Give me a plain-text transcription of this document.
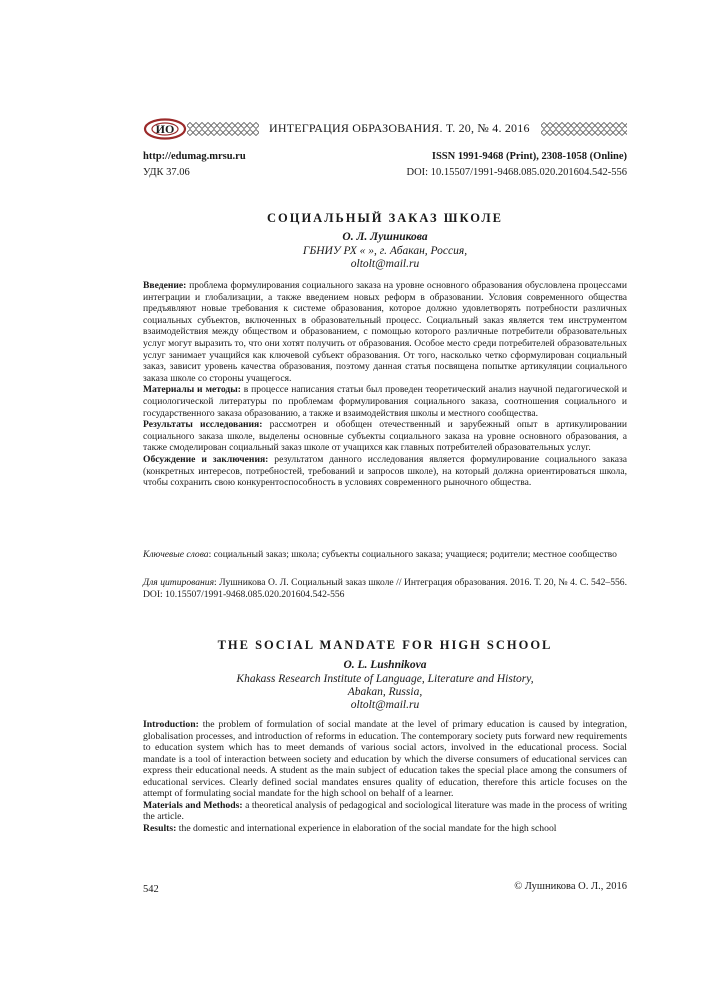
ИО	ИНТЕГРАЦИЯ ОБРАЗОВАНИЯ. Т. 20, № 4. 2016
http://edumag.mrsu.ru	ISSN 1991-9468 (Print), 2308-1058 (Online)
УДК 37.06	DOI: 10.15507/1991-9468.085.020.201604.542-556
СОЦИАЛЬНЫЙ ЗАКАЗ ШКОЛЕ
О. Л. Лушникова
ГБНИУ РХ « », г. Абакан, Россия,
oltolt@mail.ru

Введение: проблема формулирования социального заказа на уровне основного образования обусловлена процессами интеграции и глобализации, а также введением новых реформ в образовании. Условия современного общества предъявляют новые требования к системе образования, которое должно удовлетворять потребности различных социальных субъектов, включенных в образовательный процесс. Социальный заказ является тем инструментом взаимодействия между обществом и образованием, с помощью которого различные потребители образовательных услуг могут выразить то, что они хотят получить от образования. Особое место среди потребителей образовательных услуг занимает учащийся как ключевой субъект образования. От того, насколько четко сформулирован социальный заказ, зависит уровень качества образования, поэтому данная статья посвящена попытке артикуляции социального заказа школе со стороны учащегося.

Материалы и методы: в процессе написания статьи был проведен теоретический анализ научной педагогической и социологической литературы по проблемам формулирования социального заказа, соотношения социального и государственного заказа образованию, а также и взаимодействия школы и местного сообщества.

Результаты исследования: рассмотрен и обобщен отечественный и зарубежный опыт в артикулировании социального заказа школе, выделены основные субъекты социального заказа на уровне основного образования, а также смоделирован социальный заказ школе от учащихся как главных потребителей образовательных услуг.

Обсуждение и заключения: результатом данного исследования является формулирование социального заказа (конкретных интересов, потребностей, требований и запросов школе), на который должна ориентироваться школа, чтобы сохранить свою конкурентоспособность в условиях современного рыночного общества.

Ключевые слова: социальный заказ; школа; субъекты социального заказа; учащиеся; родители; местное сообщество
Для цитирования: Лушникова О. Л. Социальный заказ школе // Интеграция образования. 2016. Т. 20, № 4. С. 542–556. DOI: 10.15507/1991-9468.085.020.201604.542-556
THE SOCIAL MANDATE FOR HIGH SCHOOL
O. L. Lushnikova
Khakass Research Institute of Language, Literature and History,
Abakan, Russia,
oltolt@mail.ru

Introduction: the problem of formulation of social mandate at the level of primary education is caused by integration, globalisation processes, and introduction of reforms in education. The contemporary society puts forward new requirements to education system which has to meet demands of various social actors, involved in the educational process. Social mandate is a tool of interaction between society and education by which the diverse consumers of educational services can express their educational needs. A student as the main subject of education takes the special place among the consumers of educational services. Clearly defined social mandates ensures quality of education, therefore this article focuses on the attempt of formulating social mandate for the high school on behalf of a learner.

Materials and Methods: a theoretical analysis of pedagogical and sociological literature was made in the process of writing the article.

Results: the domestic and international experience in elaboration of the social mandate for the high school

542	© Лушникова О. Л., 2016
